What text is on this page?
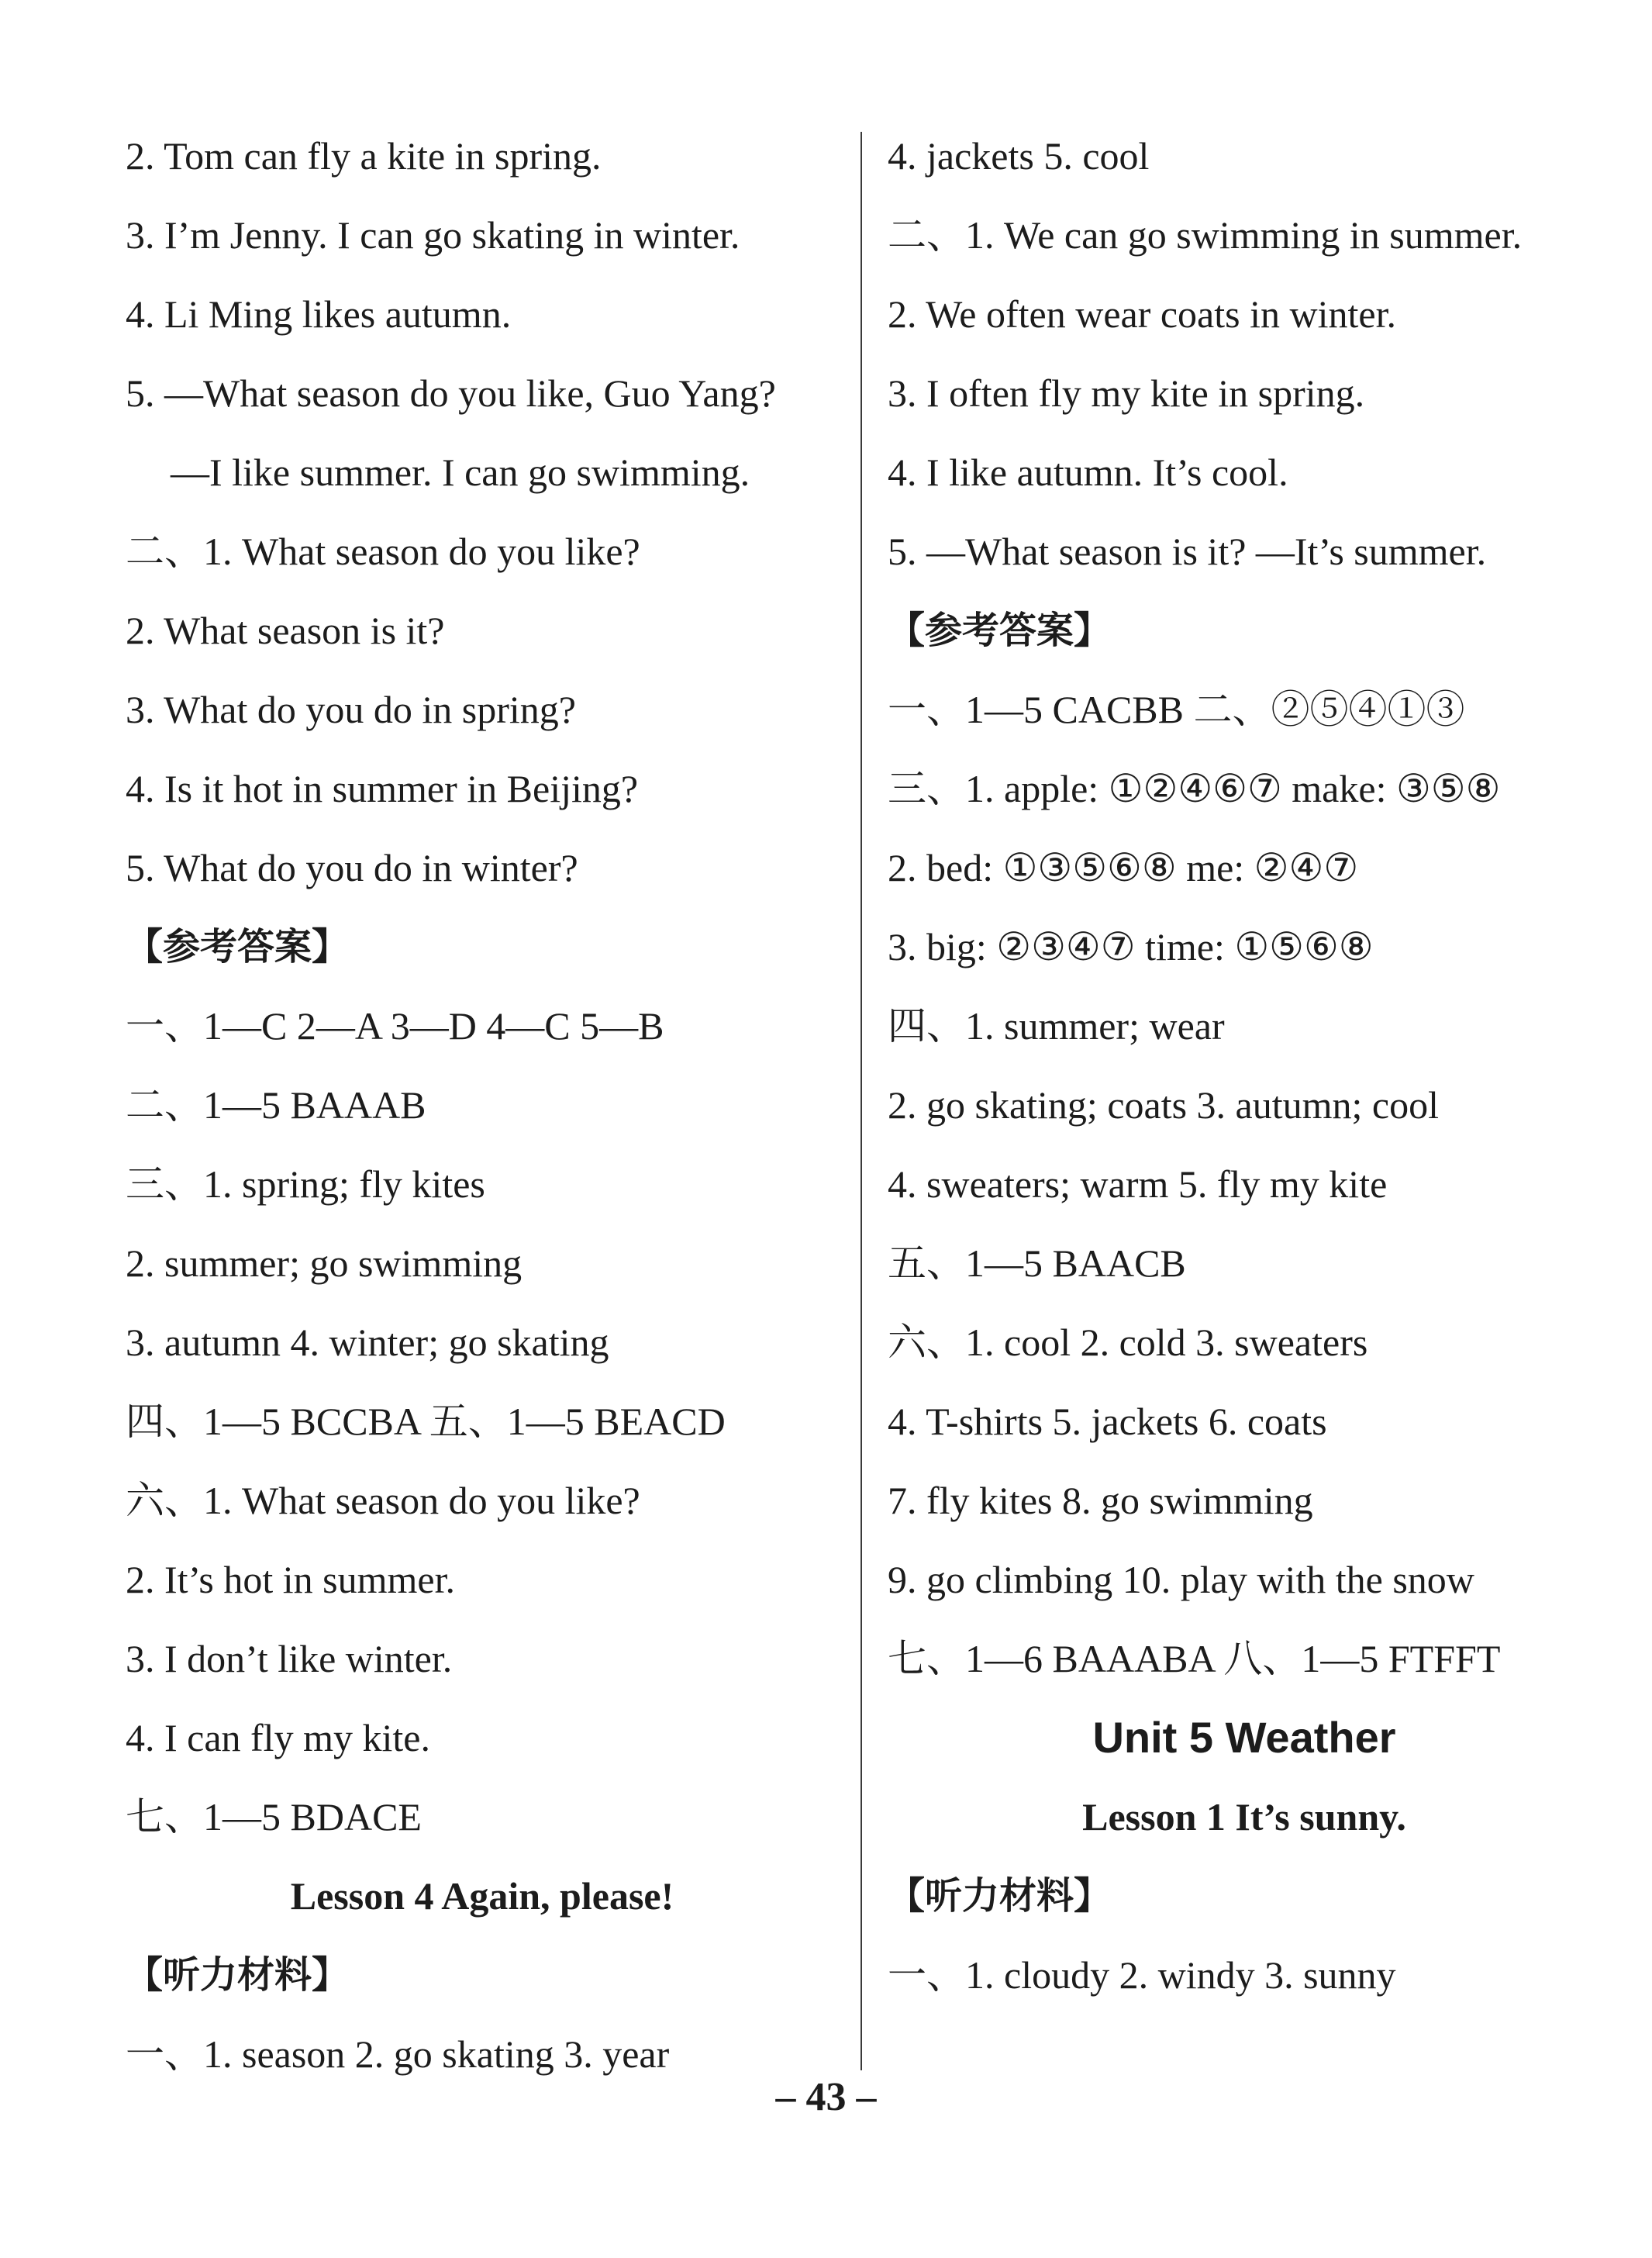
2. Tom can fly a kite in spring.
3. I’m Jenny. I can go skating in winter.
4. Li Ming likes autumn.
5. —What season do you like, Guo Yang?
—I like summer. I can go swimming.
二、1. What season do you like?
2. What season is it?
3. What do you do in spring?
4. Is it hot in summer in Beijing?
5. What do you do in winter?
【参考答案】
一、1—C 2—A 3—D 4—C 5—B
二、1—5 BAAAB
三、1. spring; fly kites
2. summer; go swimming
3. autumn 4. winter; go skating
四、1—5 BCCBA 五、1—5 BEACD
六、1. What season do you like?
2. It’s hot in summer.
3. I don’t like winter.
4. I can fly my kite.
七、1—5 BDACE
Lesson 4 Again, please!
【听力材料】
一、1. season 2. go skating 3. year
4. jackets 5. cool
二、1. We can go swimming in summer.
2. We often wear coats in winter.
3. I often fly my kite in spring.
4. I like autumn. It’s cool.
5. —What season is it? —It’s summer.
【参考答案】
一、1—5 CACBB 二、②⑤④①③
三、1. apple: ①②④⑥⑦ make: ③⑤⑧
2. bed: ①③⑤⑥⑧ me: ②④⑦
3. big: ②③④⑦ time: ①⑤⑥⑧
四、1. summer; wear
2. go skating; coats 3. autumn; cool
4. sweaters; warm 5. fly my kite
五、1—5 BAACB
六、1. cool 2. cold 3. sweaters
4. T-shirts 5. jackets 6. coats
7. fly kites 8. go swimming
9. go climbing 10. play with the snow
七、1—6 BAAABA 八、1—5 FTFFT
Unit 5 Weather
Lesson 1 It’s sunny.
【听力材料】
一、1. cloudy 2. windy 3. sunny
– 43 –
